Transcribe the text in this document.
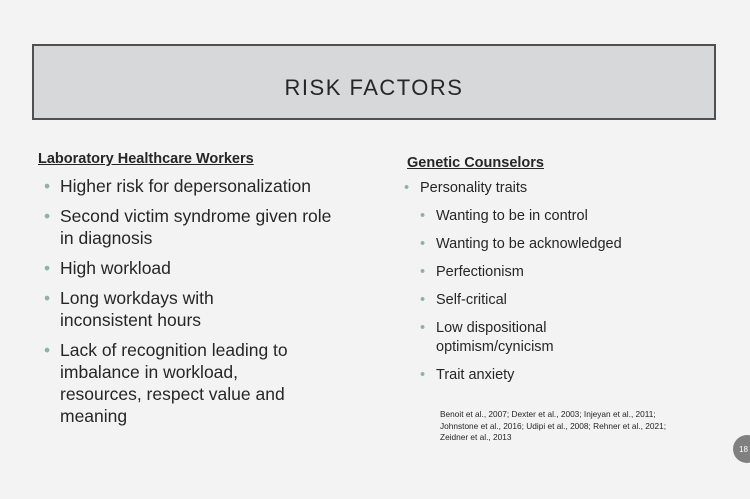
RISK FACTORS
Laboratory Healthcare Workers
• Higher risk for depersonalization
• Second victim syndrome given role in diagnosis
• High workload
• Long workdays with inconsistent hours
• Lack of recognition leading to imbalance in workload, resources, respect value and meaning
Genetic Counselors
• Personality traits
• Wanting to be in control
• Wanting to be acknowledged
• Perfectionism
• Self-critical
• Low dispositional optimism/cynicism
• Trait anxiety
Benoit et al., 2007; Dexter et al., 2003; Injeyan et al., 2011;
Johnstone et al., 2016; Udipi et al., 2008; Rehner et al., 2021;
Zeidner et al., 2013
18
